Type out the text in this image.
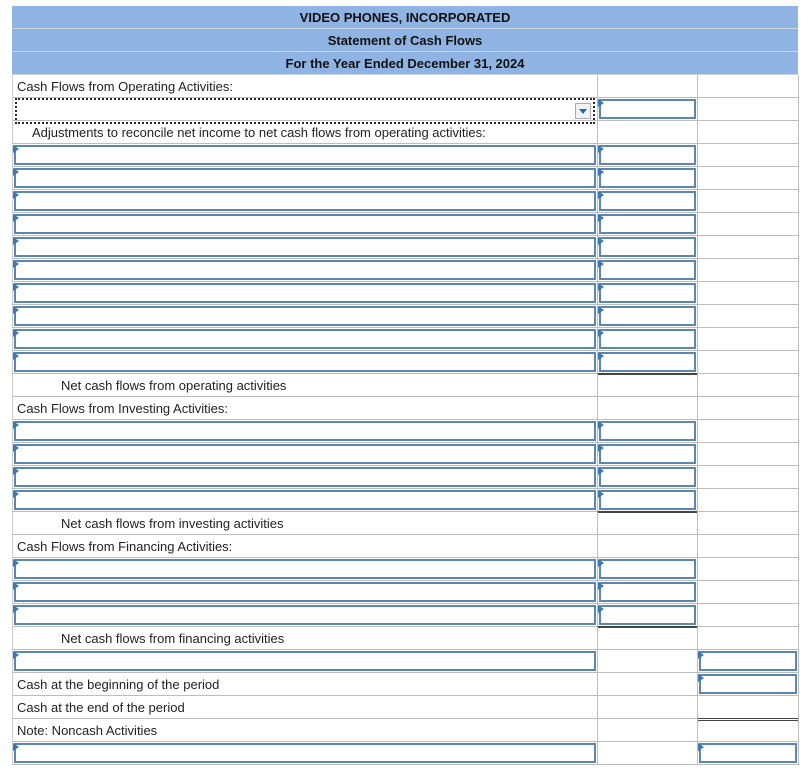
VIDEO PHONES, INCORPORATED
Statement of Cash Flows
For the Year Ended December 31, 2024
Cash Flows from Operating Activities:
Adjustments to reconcile net income to net cash flows from operating activities:
Net cash flows from operating activities
Cash Flows from Investing Activities:
Net cash flows from investing activities
Cash Flows from Financing Activities:
Net cash flows from financing activities
Cash at the beginning of the period
Cash at the end of the period
Note: Noncash Activities
